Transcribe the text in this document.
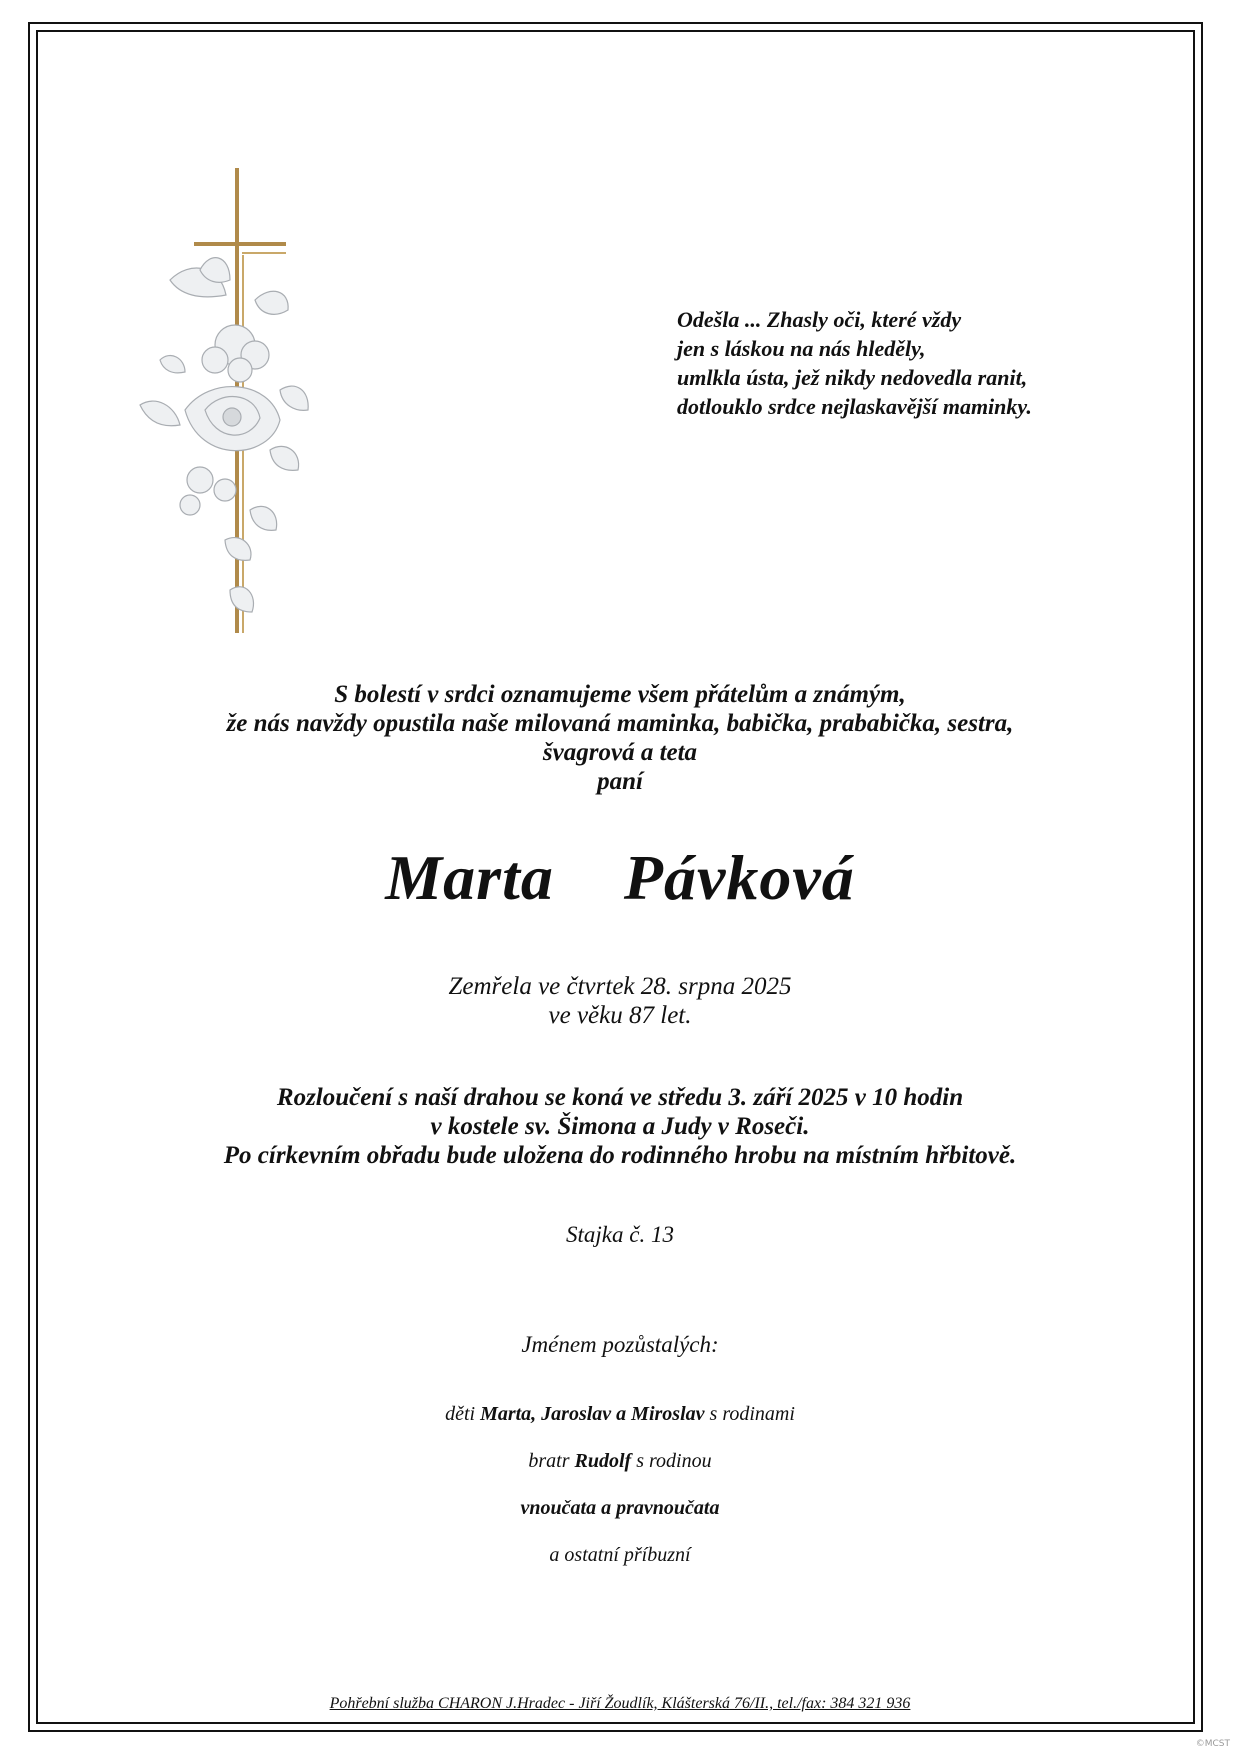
Odešla ... Zhasly oči, které vždy
jen s láskou na nás hleděly,
umlkla ústa, jež nikdy nedovedla ranit,
dotlouklo srdce nejlaskavější maminky.
S bolestí v srdci oznamujeme všem přátelům a známým,
že nás navždy opustila naše milovaná maminka, babička, prababička, sestra,
švagrová a teta
paní
Marta  Pávková
Zemřela ve čtvrtek 28. srpna 2025
ve věku 87 let.
Rozloučení s naší drahou se koná ve středu 3. září 2025 v 10 hodin
v kostele sv. Šimona a Judy v Roseči.
Po církevním obřadu bude uložena do rodinného hrobu na místním hřbitově.
Stajka č. 13
Jménem pozůstalých:
děti Marta, Jaroslav a Miroslav s rodinami
bratr Rudolf s rodinou
vnoučata a pravnoučata
a ostatní příbuzní
Pohřební služba CHARON J.Hradec - Jiří Žoudlík, Klášterská 76/II., tel./fax: 384 321 936
©MCST
